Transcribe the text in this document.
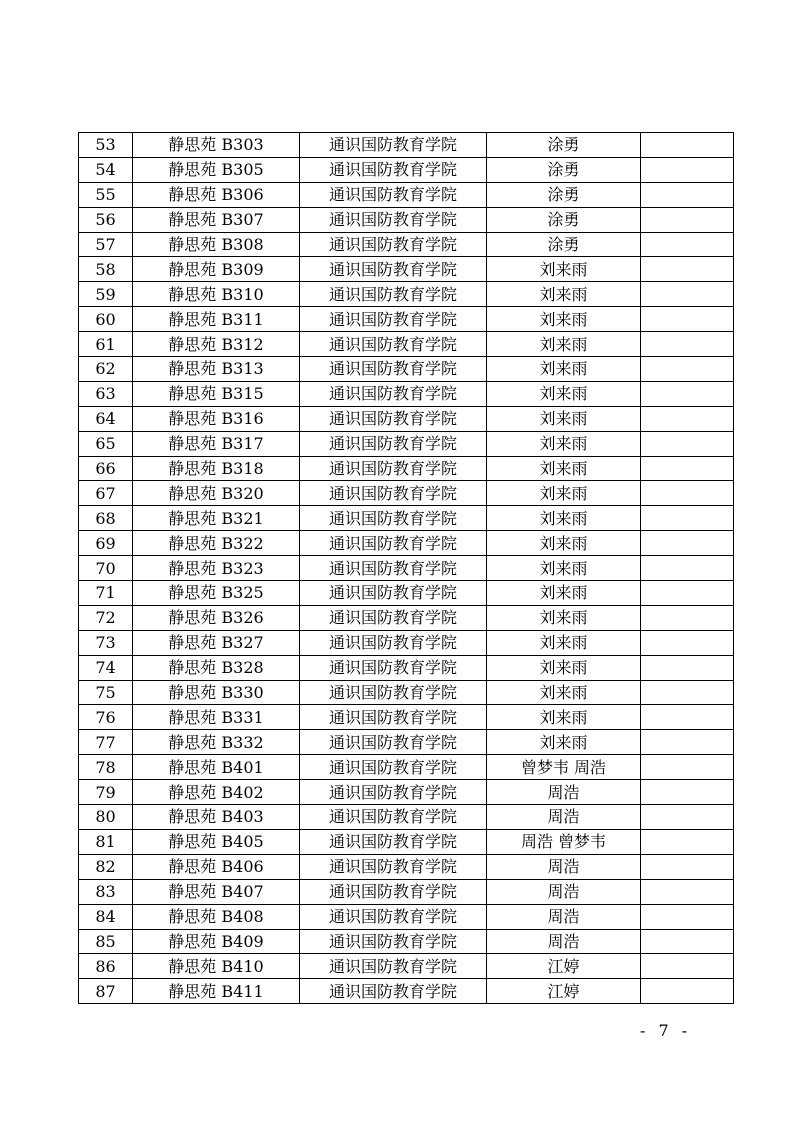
53	静思苑 B303	通识国防教育学院	涂勇	
54	静思苑 B305	通识国防教育学院	涂勇	
55	静思苑 B306	通识国防教育学院	涂勇	
56	静思苑 B307	通识国防教育学院	涂勇	
57	静思苑 B308	通识国防教育学院	涂勇	
58	静思苑 B309	通识国防教育学院	刘来雨	
59	静思苑 B310	通识国防教育学院	刘来雨	
60	静思苑 B311	通识国防教育学院	刘来雨	
61	静思苑 B312	通识国防教育学院	刘来雨	
62	静思苑 B313	通识国防教育学院	刘来雨	
63	静思苑 B315	通识国防教育学院	刘来雨	
64	静思苑 B316	通识国防教育学院	刘来雨	
65	静思苑 B317	通识国防教育学院	刘来雨	
66	静思苑 B318	通识国防教育学院	刘来雨	
67	静思苑 B320	通识国防教育学院	刘来雨	
68	静思苑 B321	通识国防教育学院	刘来雨	
69	静思苑 B322	通识国防教育学院	刘来雨	
70	静思苑 B323	通识国防教育学院	刘来雨	
71	静思苑 B325	通识国防教育学院	刘来雨	
72	静思苑 B326	通识国防教育学院	刘来雨	
73	静思苑 B327	通识国防教育学院	刘来雨	
74	静思苑 B328	通识国防教育学院	刘来雨	
75	静思苑 B330	通识国防教育学院	刘来雨	
76	静思苑 B331	通识国防教育学院	刘来雨	
77	静思苑 B332	通识国防教育学院	刘来雨	
78	静思苑 B401	通识国防教育学院	曾梦韦 周浩	
79	静思苑 B402	通识国防教育学院	周浩	
80	静思苑 B403	通识国防教育学院	周浩	
81	静思苑 B405	通识国防教育学院	周浩 曾梦韦	
82	静思苑 B406	通识国防教育学院	周浩	
83	静思苑 B407	通识国防教育学院	周浩	
84	静思苑 B408	通识国防教育学院	周浩	
85	静思苑 B409	通识国防教育学院	周浩	
86	静思苑 B410	通识国防教育学院	江婷	
87	静思苑 B411	通识国防教育学院	江婷	
- 7 -
